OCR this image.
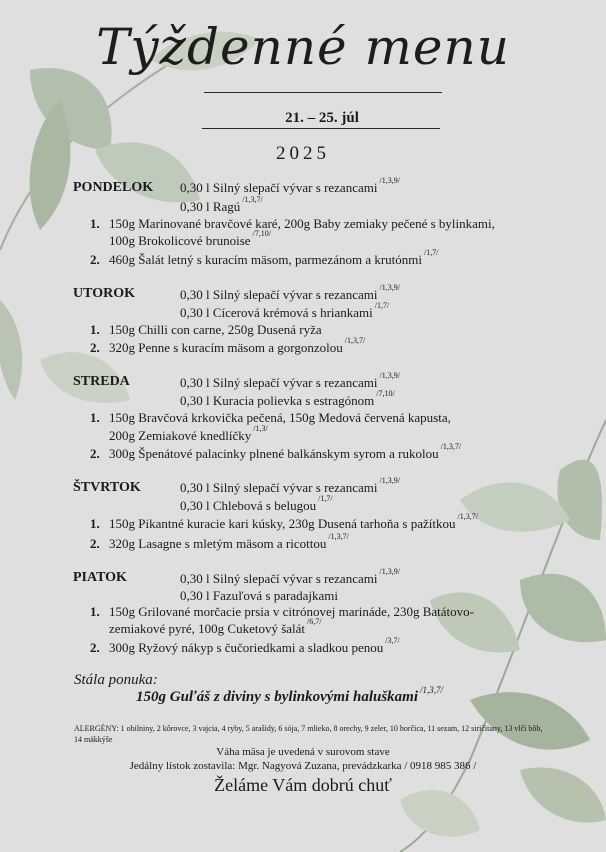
Týždenné menu
21. – 25. júl
2025
PONDELOK 0,30 l Silný slepačí vývar s rezancami $^{/1,3,9/}$
0,30 l Ragú $^{/1,3,7/}$
1. 150g Marinované bravčové karé, 200g Baby zemiaky pečené s bylinkami,
100g Brokolicové brunoise $^{/7,10/}$
2. 460g Šalát letný s kuracím mäsom, parmezánom a krutónmi $^{/1,7/}$
UTOROK	0,30 l Silný slepačí vývar s rezancami $^{/1,3,9/}$
0,30 l Cícerová krémová s hriankami $^{/1,7/}$
1. 150g Chilli con carne, 250g Dusená ryža
2. 320g Penne s kuracím mäsom a gorgonzolou $^{/1,3,7/}$
STREDA	0,30 l Silný slepačí vývar s rezancami $^{/1,3,9/}$
0,30 l Kuracia polievka s estragónom $^{/7,10/}$
1. 150g Bravčová krkovička pečená, 150g Medová červená kapusta,
200g Zemiakové knedlíčky $^{/1,3/}$
2. 300g Špenátové palacinky plnené balkánskym syrom a rukolou $^{/1,3,7/}$
ŠTVRTOK	0,30 l Silný slepačí vývar s rezancami $^{/1,3,9/}$
0,30 l Chlebová s belugou $^{/1,7/}$
1. 150g Pikantné kuracie kari kúsky, 230g Dusená tarhoňa s pažítkou $^{/1,3,7/}$
2. 320g Lasagne s mletým mäsom a ricottou $^{/1,3,7/}$
PIATOK	0,30 l Silný slepačí vývar s rezancami $^{/1,3,9/}$
0,30 l Fazuľová s paradajkami
1. 150g Grilované morčacie prsia v citrónovej marináde, 230g Batátovo-
zemiakové pyré, 100g Cuketový šalát $^{/6,7/}$
2. 300g Ryžový nákyp s čučoriedkami a sladkou penou $^{/3,7/}$
Stála ponuka:
150g Guľáš z diviny s bylinkovými haluškami $^{/1,3,7/}$
ALERGÉNY: 1 obilniny, 2 kôrovce, 3 vajcia, 4 ryby, 5 arašidy, 6 sója, 7 mlieko, 8 orechy, 9 zeler, 10 horčica, 11 sezam, 12 siričitany, 13 vlčí bôb, 14 mäkkýše
Váha mäsa je uvedená v surovom stave
Jedálny lístok zostavila: Mgr. Nagyová Zuzana, prevádzkarka / 0918 985 386 /
Želáme Vám dobrú chuť
